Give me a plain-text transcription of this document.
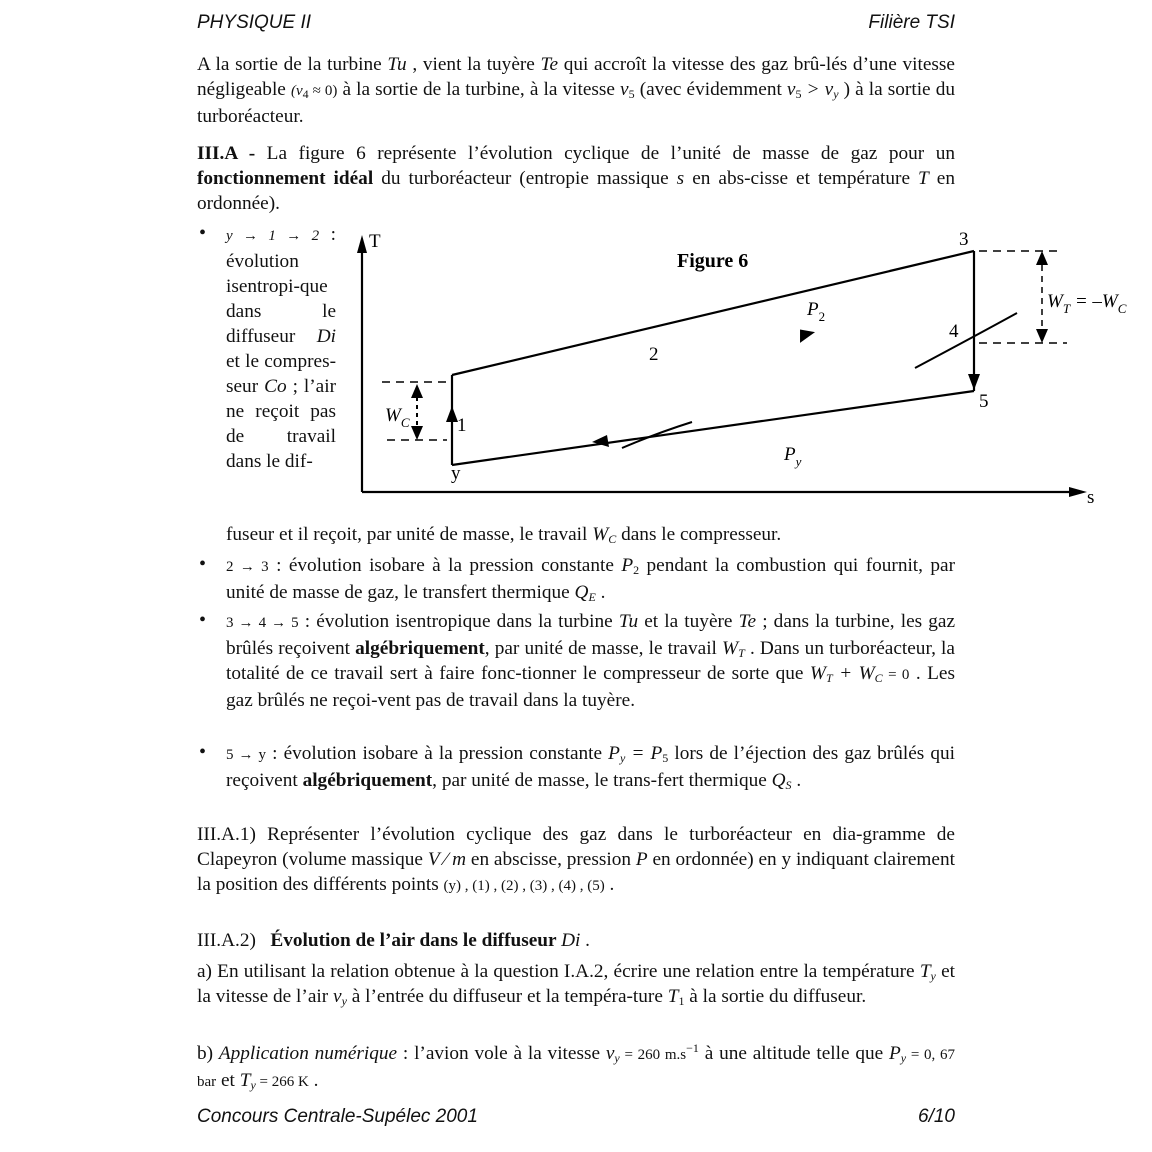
PHYSIQUE II	Filière TSI
A la sortie de la turbine Tu , vient la tuyère Te qui accroît la vitesse des gaz brû-lés d’une vitesse négligeable $(v_4 \approx 0)$ à la sortie de la turbine, à la vitesse $v_5$ (avec évidemment $v_5 > v_y$ ) à la sortie du turboréacteur.
III.A - La figure 6 représente l’évolution cyclique de l’unité de masse de gaz pour un fonctionnement idéal du turboréacteur (entropie massique s en abs-cisse et température T en ordonnée).
• y → 1 → 2 : évolution isentropi-que dans le diffuseur Di et le compres-seur Co ; l’air ne reçoit pas de travail dans le dif-
T
s
Figure 6
y
1
2
3
4
5
$P_2$
$P_y$
$W_C$
$W_T = -W_C$
fuseur et il reçoit, par unité de masse, le travail $W_C$ dans le compresseur.
• 2 → 3 : évolution isobare à la pression constante $P_2$ pendant la combustion qui fournit, par unité de masse de gaz, le transfert thermique $Q_E$ .
• 3 → 4 → 5 : évolution isentropique dans la turbine Tu et la tuyère Te ; dans la turbine, les gaz brûlés reçoivent algébriquement, par unité de masse, le travail $W_T$ . Dans un turboréacteur, la totalité de ce travail sert à faire fonc-tionner le compresseur de sorte que $W_T + W_C = 0$ . Les gaz brûlés ne reçoi-vent pas de travail dans la tuyère.
• 5 → y : évolution isobare à la pression constante $P_y = P_5$ lors de l’éjection des gaz brûlés qui reçoivent algébriquement, par unité de masse, le trans-fert thermique $Q_S$ .
III.A.1) Représenter l’évolution cyclique des gaz dans le turboréacteur en dia-gramme de Clapeyron (volume massique V ⁄ m en abscisse, pression P en ordonnée) en y indiquant clairement la position des différents points (y) , (1) , (2) , (3) , (4) , (5) .
III.A.2) Évolution de l’air dans le diffuseur Di .
a) En utilisant la relation obtenue à la question I.A.2, écrire une relation entre la température $T_y$ et la vitesse de l’air $v_y$ à l’entrée du diffuseur et la tempéra-ture $T_1$ à la sortie du diffuseur.
b) Application numérique : l’avion vole à la vitesse $v_y = 260$ $m.s^{-1}$ à une altitude telle que $P_y = 0$, 67 bar et $T_y = 266$ K .
Concours Centrale-Supélec 2001	6/10
